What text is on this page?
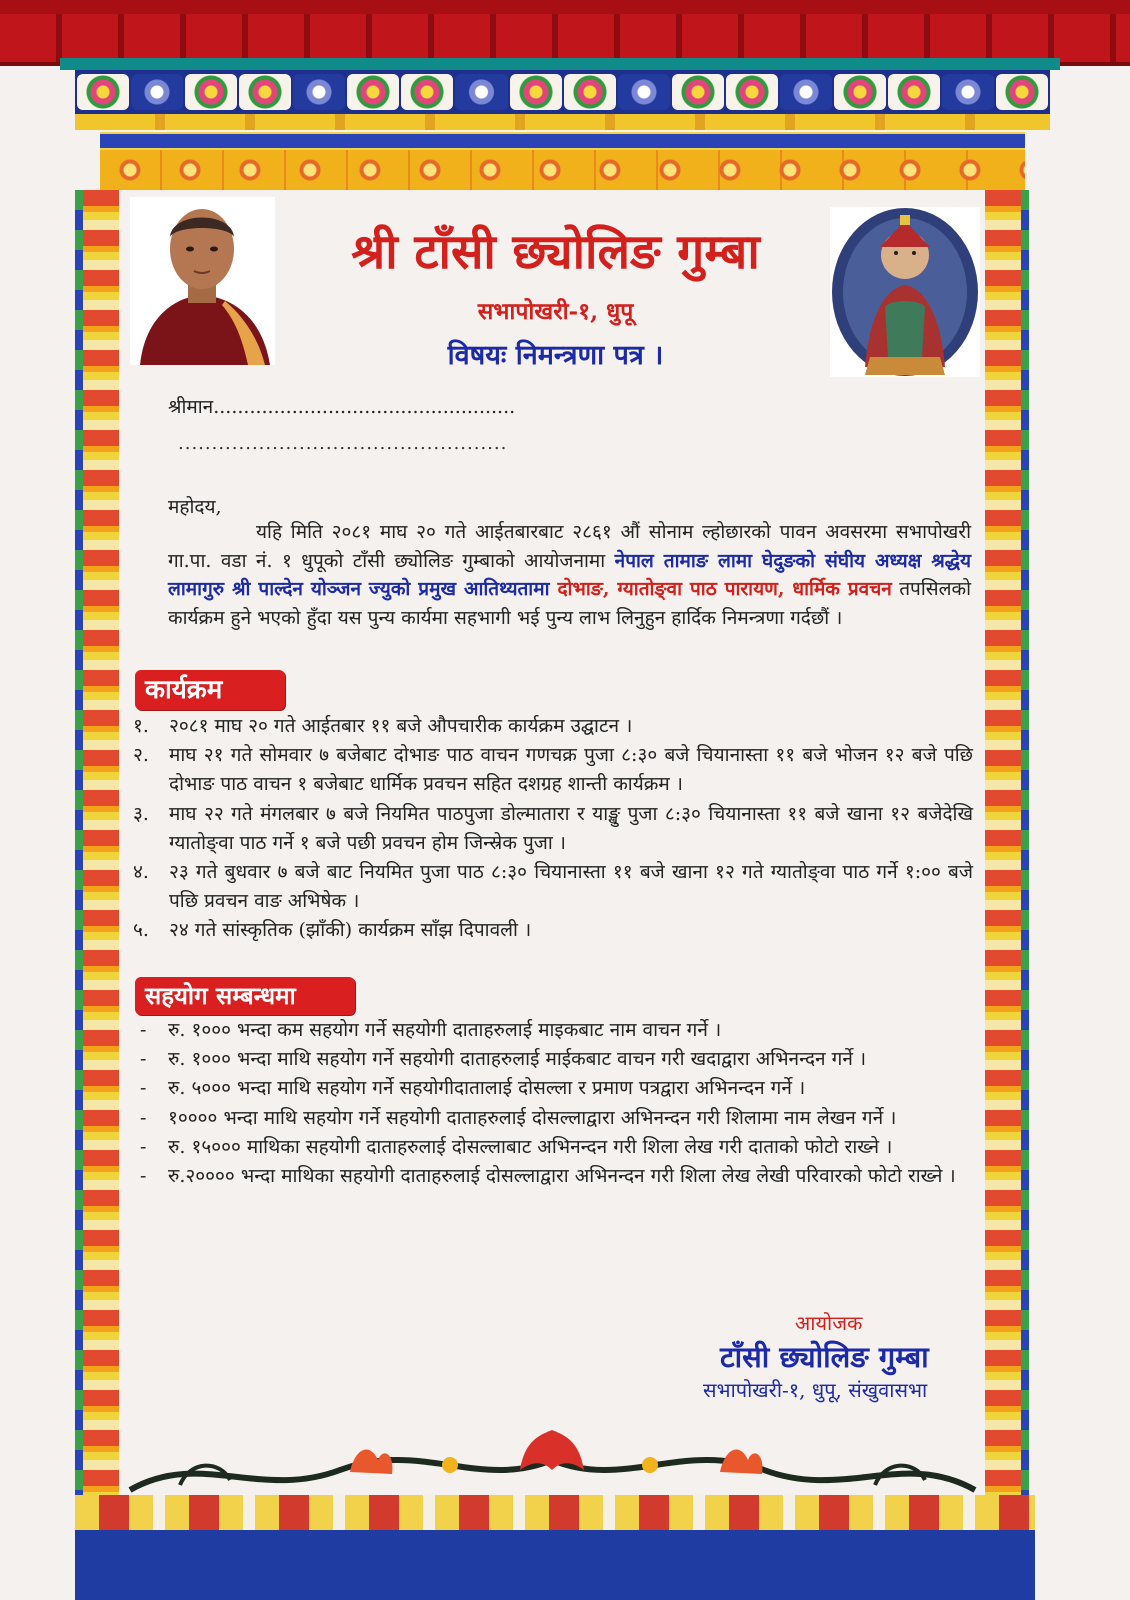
श्री टाँसी छ्योलिङ गुम्बा
सभापोखरी-१, धुपू
विषयः निमन्त्रणा पत्र ।
श्रीमान..................................................
.................................................
महोदय,
यहि मिति २०८१ माघ २० गते आईतबारबाट २८६१ औं सोनाम ल्होछारको पावन अवसरमा सभापोखरी गा.पा. वडा नं. १ धुपूको टाँसी छ्योलिङ गुम्बाको आयोजनामा नेपाल तामाङ लामा घेदुङको संघीय अध्यक्ष श्रद्धेय लामागुरु श्री पाल्देन योञ्जन ज्युको प्रमुख आतिथ्यतामा दोभाङ, ग्यातोङ्वा पाठ पारायण, धार्मिक प्रवचन तपसिलको कार्यक्रम हुने भएको हुँदा यस पुन्य कार्यमा सहभागी भई पुन्य लाभ लिनुहुन हार्दिक निमन्त्रणा गर्दछौं ।
कार्यक्रम
१. २०८१ माघ २० गते आईतबार ११ बजे औपचारीक कार्यक्रम उद्घाटन ।
२. माघ २१ गते सोमवार ७ बजेबाट दोभाङ पाठ वाचन गणचक्र पुजा ८:३० बजे चियानास्ता ११ बजे भोजन १२ बजे पछि दोभाङ पाठ वाचन १ बजेबाट धार्मिक प्रवचन सहित दशग्रह शान्ती कार्यक्रम ।
३. माघ २२ गते मंगलबार ७ बजे नियमित पाठपुजा डोल्मातारा र याङ्खु पुजा ८:३० चियानास्ता ११ बजे खाना १२ बजेदेखि ग्यातोङ्वा पाठ गर्ने १ बजे पछी प्रवचन होम जिन्स्रेक पुजा ।
४. २३ गते बुधवार ७ बजे बाट नियमित पुजा पाठ ८:३० चियानास्ता ११ बजे खाना १२ गते ग्यातोङ्वा पाठ गर्ने १:०० बजे पछि प्रवचन वाङ अभिषेक ।
५. २४ गते सांस्कृतिक (झाँकी) कार्यक्रम साँझ दिपावली ।
सहयोग सम्बन्धमा
- रु. १००० भन्दा कम सहयोग गर्ने सहयोगी दाताहरुलाई माइकबाट नाम वाचन गर्ने ।
- रु. १००० भन्दा माथि सहयोग गर्ने सहयोगी दाताहरुलाई माईकबाट वाचन गरी खदाद्वारा अभिनन्दन गर्ने ।
- रु. ५००० भन्दा माथि सहयोग गर्ने सहयोगीदातालाई दोसल्ला र प्रमाण पत्रद्वारा अभिनन्दन गर्ने ।
- १०००० भन्दा माथि सहयोग गर्ने सहयोगी दाताहरुलाई दोसल्लाद्वारा अभिनन्दन गरी शिलामा नाम लेखन गर्ने ।
- रु. १५००० माथिका सहयोगी दाताहरुलाई दोसल्लाबाट अभिनन्दन गरी शिला लेख गरी दाताको फोटो राख्ने ।
- रु.२०००० भन्दा माथिका सहयोगी दाताहरुलाई दोसल्लाद्वारा अभिनन्दन गरी शिला लेख लेखी परिवारको फोटो राख्ने ।
आयोजक
टाँसी छ्योलिङ गुम्बा
सभापोखरी-१, धुपू, संखुवासभा
